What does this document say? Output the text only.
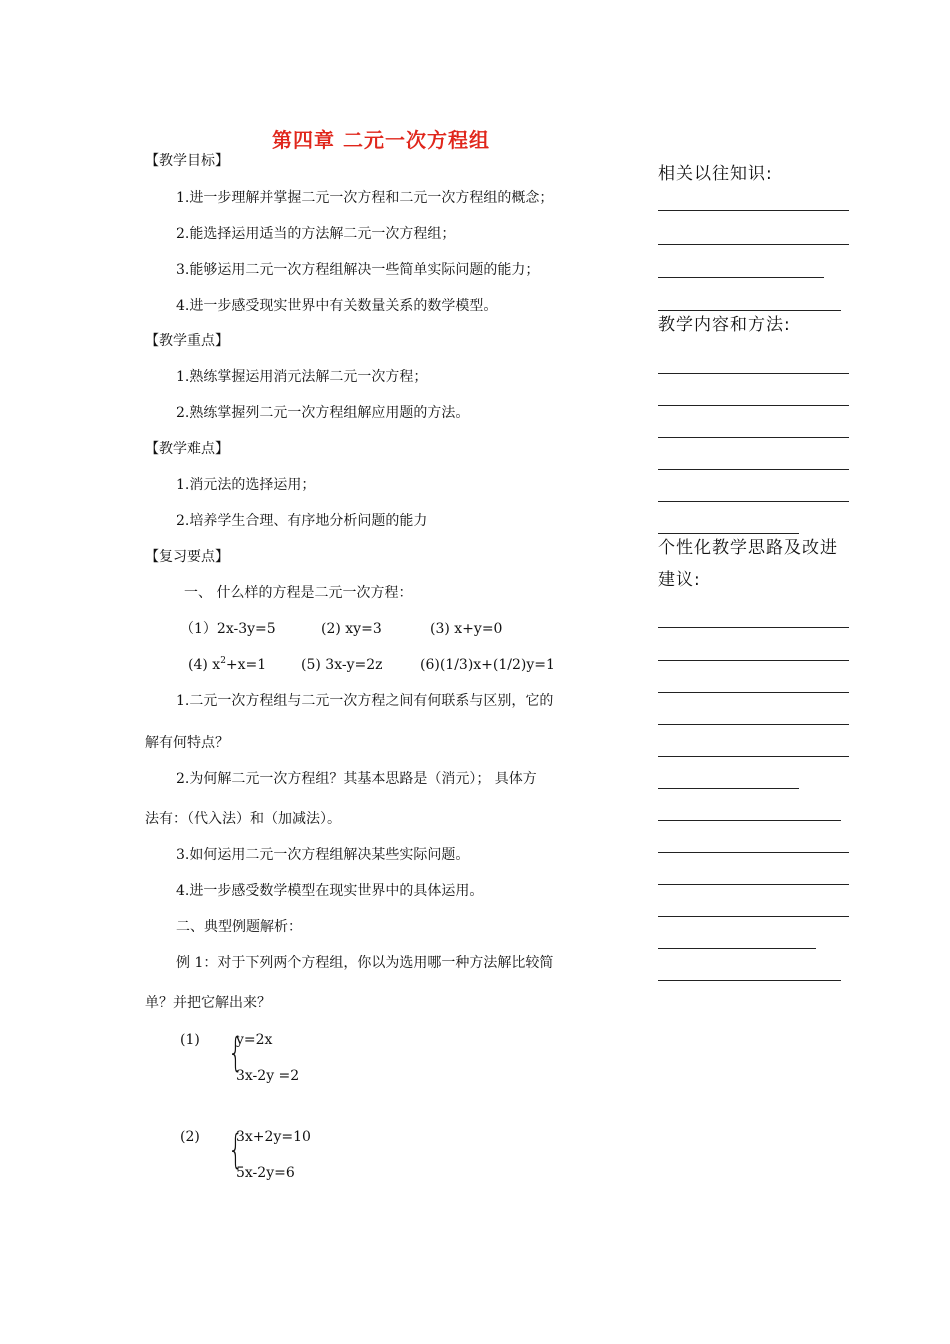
第四章 二元一次方程组
【教学目标】
1.进一步理解并掌握二元一次方程和二元一次方程组的概念；
2.能选择运用适当的方法解二元一次方程组；
3.能够运用二元一次方程组解决一些简单实际问题的能力；
4.进一步感受现实世界中有关数量关系的数学模型。
【教学重点】
1.熟练掌握运用消元法解二元一次方程；
2.熟练掌握列二元一次方程组解应用题的方法。
【教学难点】
1.消元法的选择运用；
2.培养学生合理、有序地分析问题的能力
【复习要点】
一、 什么样的方程是二元一次方程：
（1）2x-3y=5	(2) xy=3	(3) x+y=0
(4) $x^2+x=1$ (5) 3x-y=2z	(6)(1/3)x+(1/2)y=1
1.二元一次方程组与二元一次方程之间有何联系与区别，它的
解有何特点？
2.为何解二元一次方程组？其基本思路是（消元）； 具体方
法有：（代入法）和（加减法）。
3.如何运用二元一次方程组解决某些实际问题。
4.进一步感受数学模型在现实世界中的具体运用。
二、典型例题解析：
例 1：对于下列两个方程组，你以为选用哪一种方法解比较简
单？并把它解出来？
(1) {
y=2x
3x-2y =2
(2) {
3x+2y=10
5x-2y=6
相关以往知识:
教学内容和方法:
个性化教学思路及改进
建议:
